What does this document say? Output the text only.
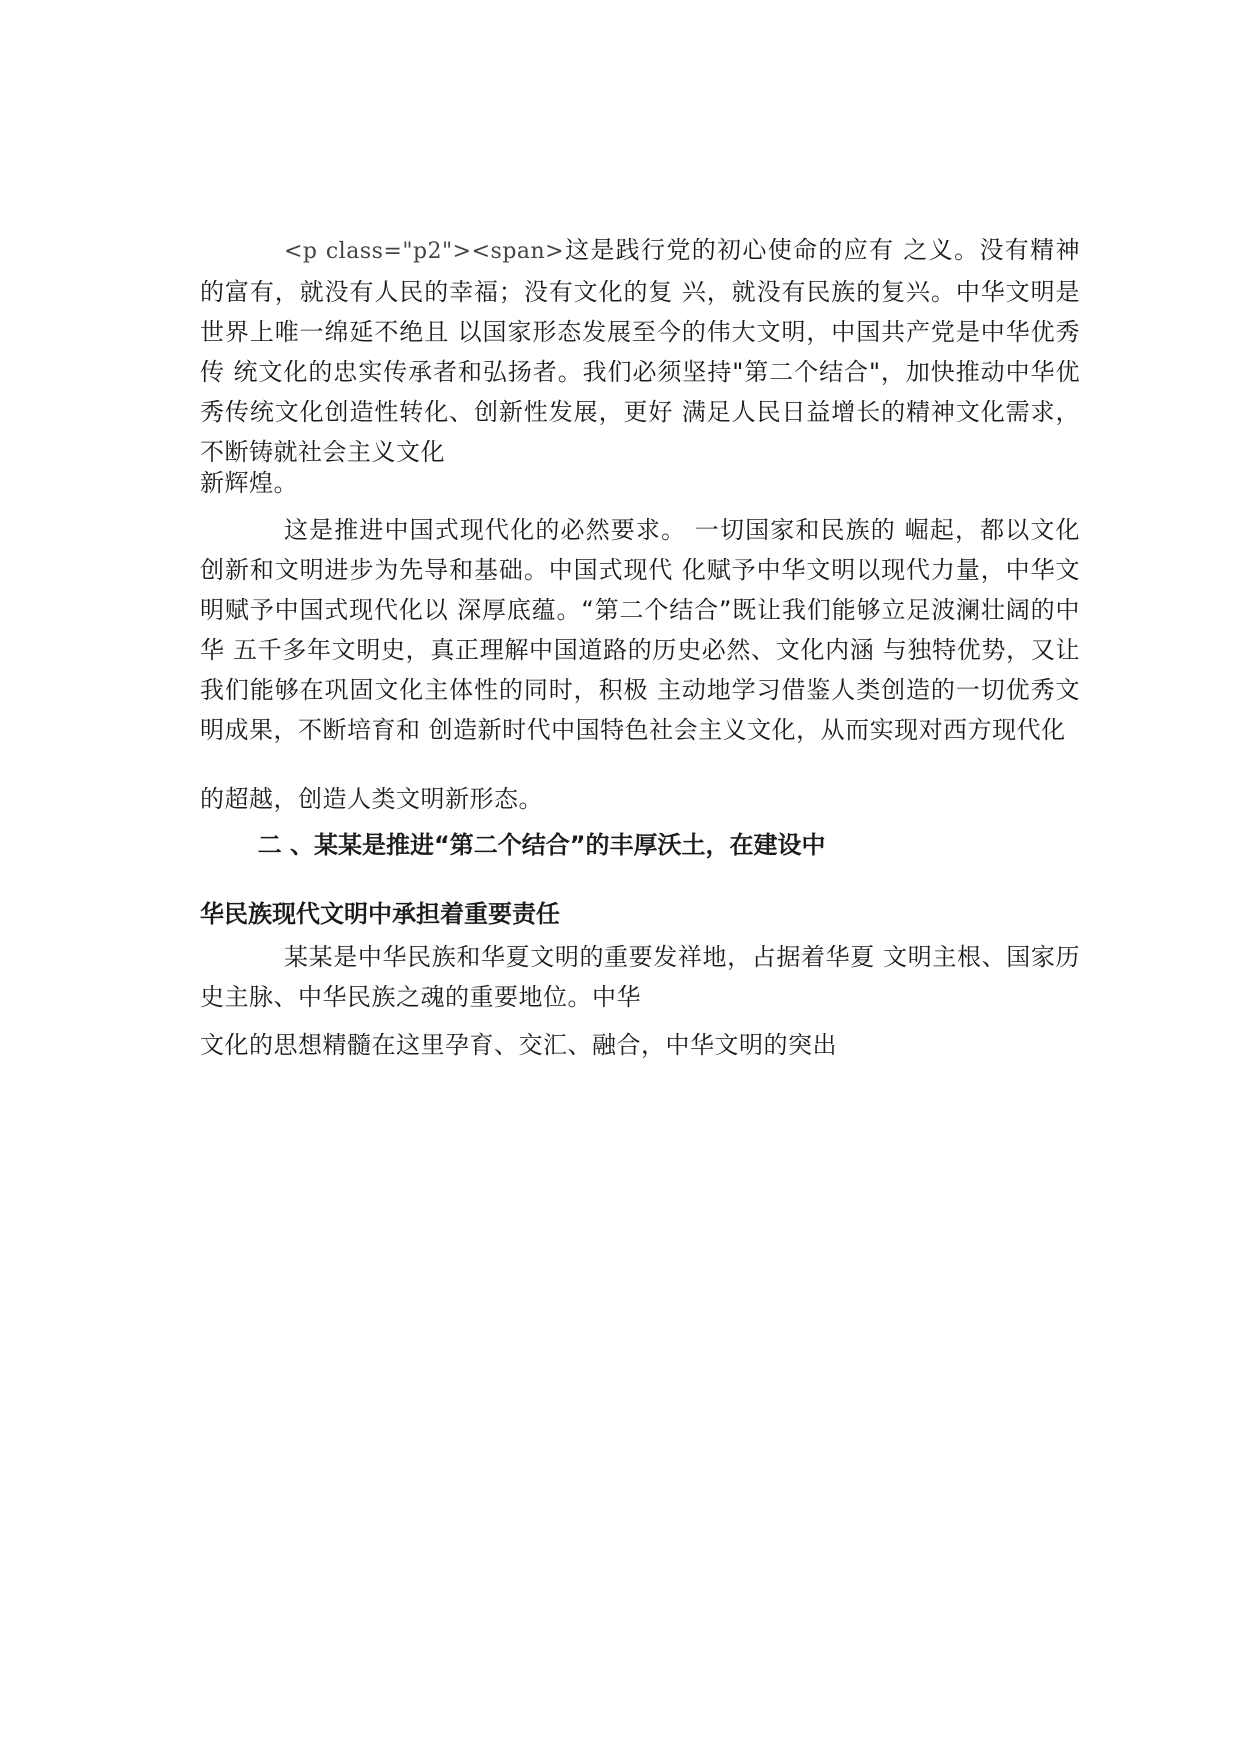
<p class="p2"><span>这是践行党的初心使命的应有 之义。没有精神的富有，就没有人民的幸福；没有文化的复 兴，就没有民族的复兴。中华文明是世界上唯一绵延不绝且 以国家形态发展至今的伟大文明，中国共产党是中华优秀传 统文化的忠实传承者和弘扬者。我们必须坚持"第二个结合"，加快推动中华优秀传统文化创造性转化、创新性发展，更好 满足人民日益增长的精神文化需求，不断铸就社会主义文化

新辉煌。

这是推进中国式现代化的必然要求。 一切国家和民族的 崛起，都以文化创新和文明进步为先导和基础。中国式现代 化赋予中华文明以现代力量，中华文明赋予中国式现代化以 深厚底蕴。“第二个结合”既让我们能够立足波澜壮阔的中华 五千多年文明史，真正理解中国道路的历史必然、文化内涵 与独特优势，又让我们能够在巩固文化主体性的同时，积极 主动地学习借鉴人类创造的一切优秀文明成果，不断培育和 创造新时代中国特色社会主义文化，从而实现对西方现代化

的超越，创造人类文明新形态。

二 、某某是推进“第二个结合”的丰厚沃土，在建设中

华民族现代文明中承担着重要责任

某某是中华民族和华夏文明的重要发祥地，占据着华夏 文明主根、国家历史主脉、中华民族之魂的重要地位。中华

文化的思想精髓在这里孕育、交汇、融合，中华文明的突出
